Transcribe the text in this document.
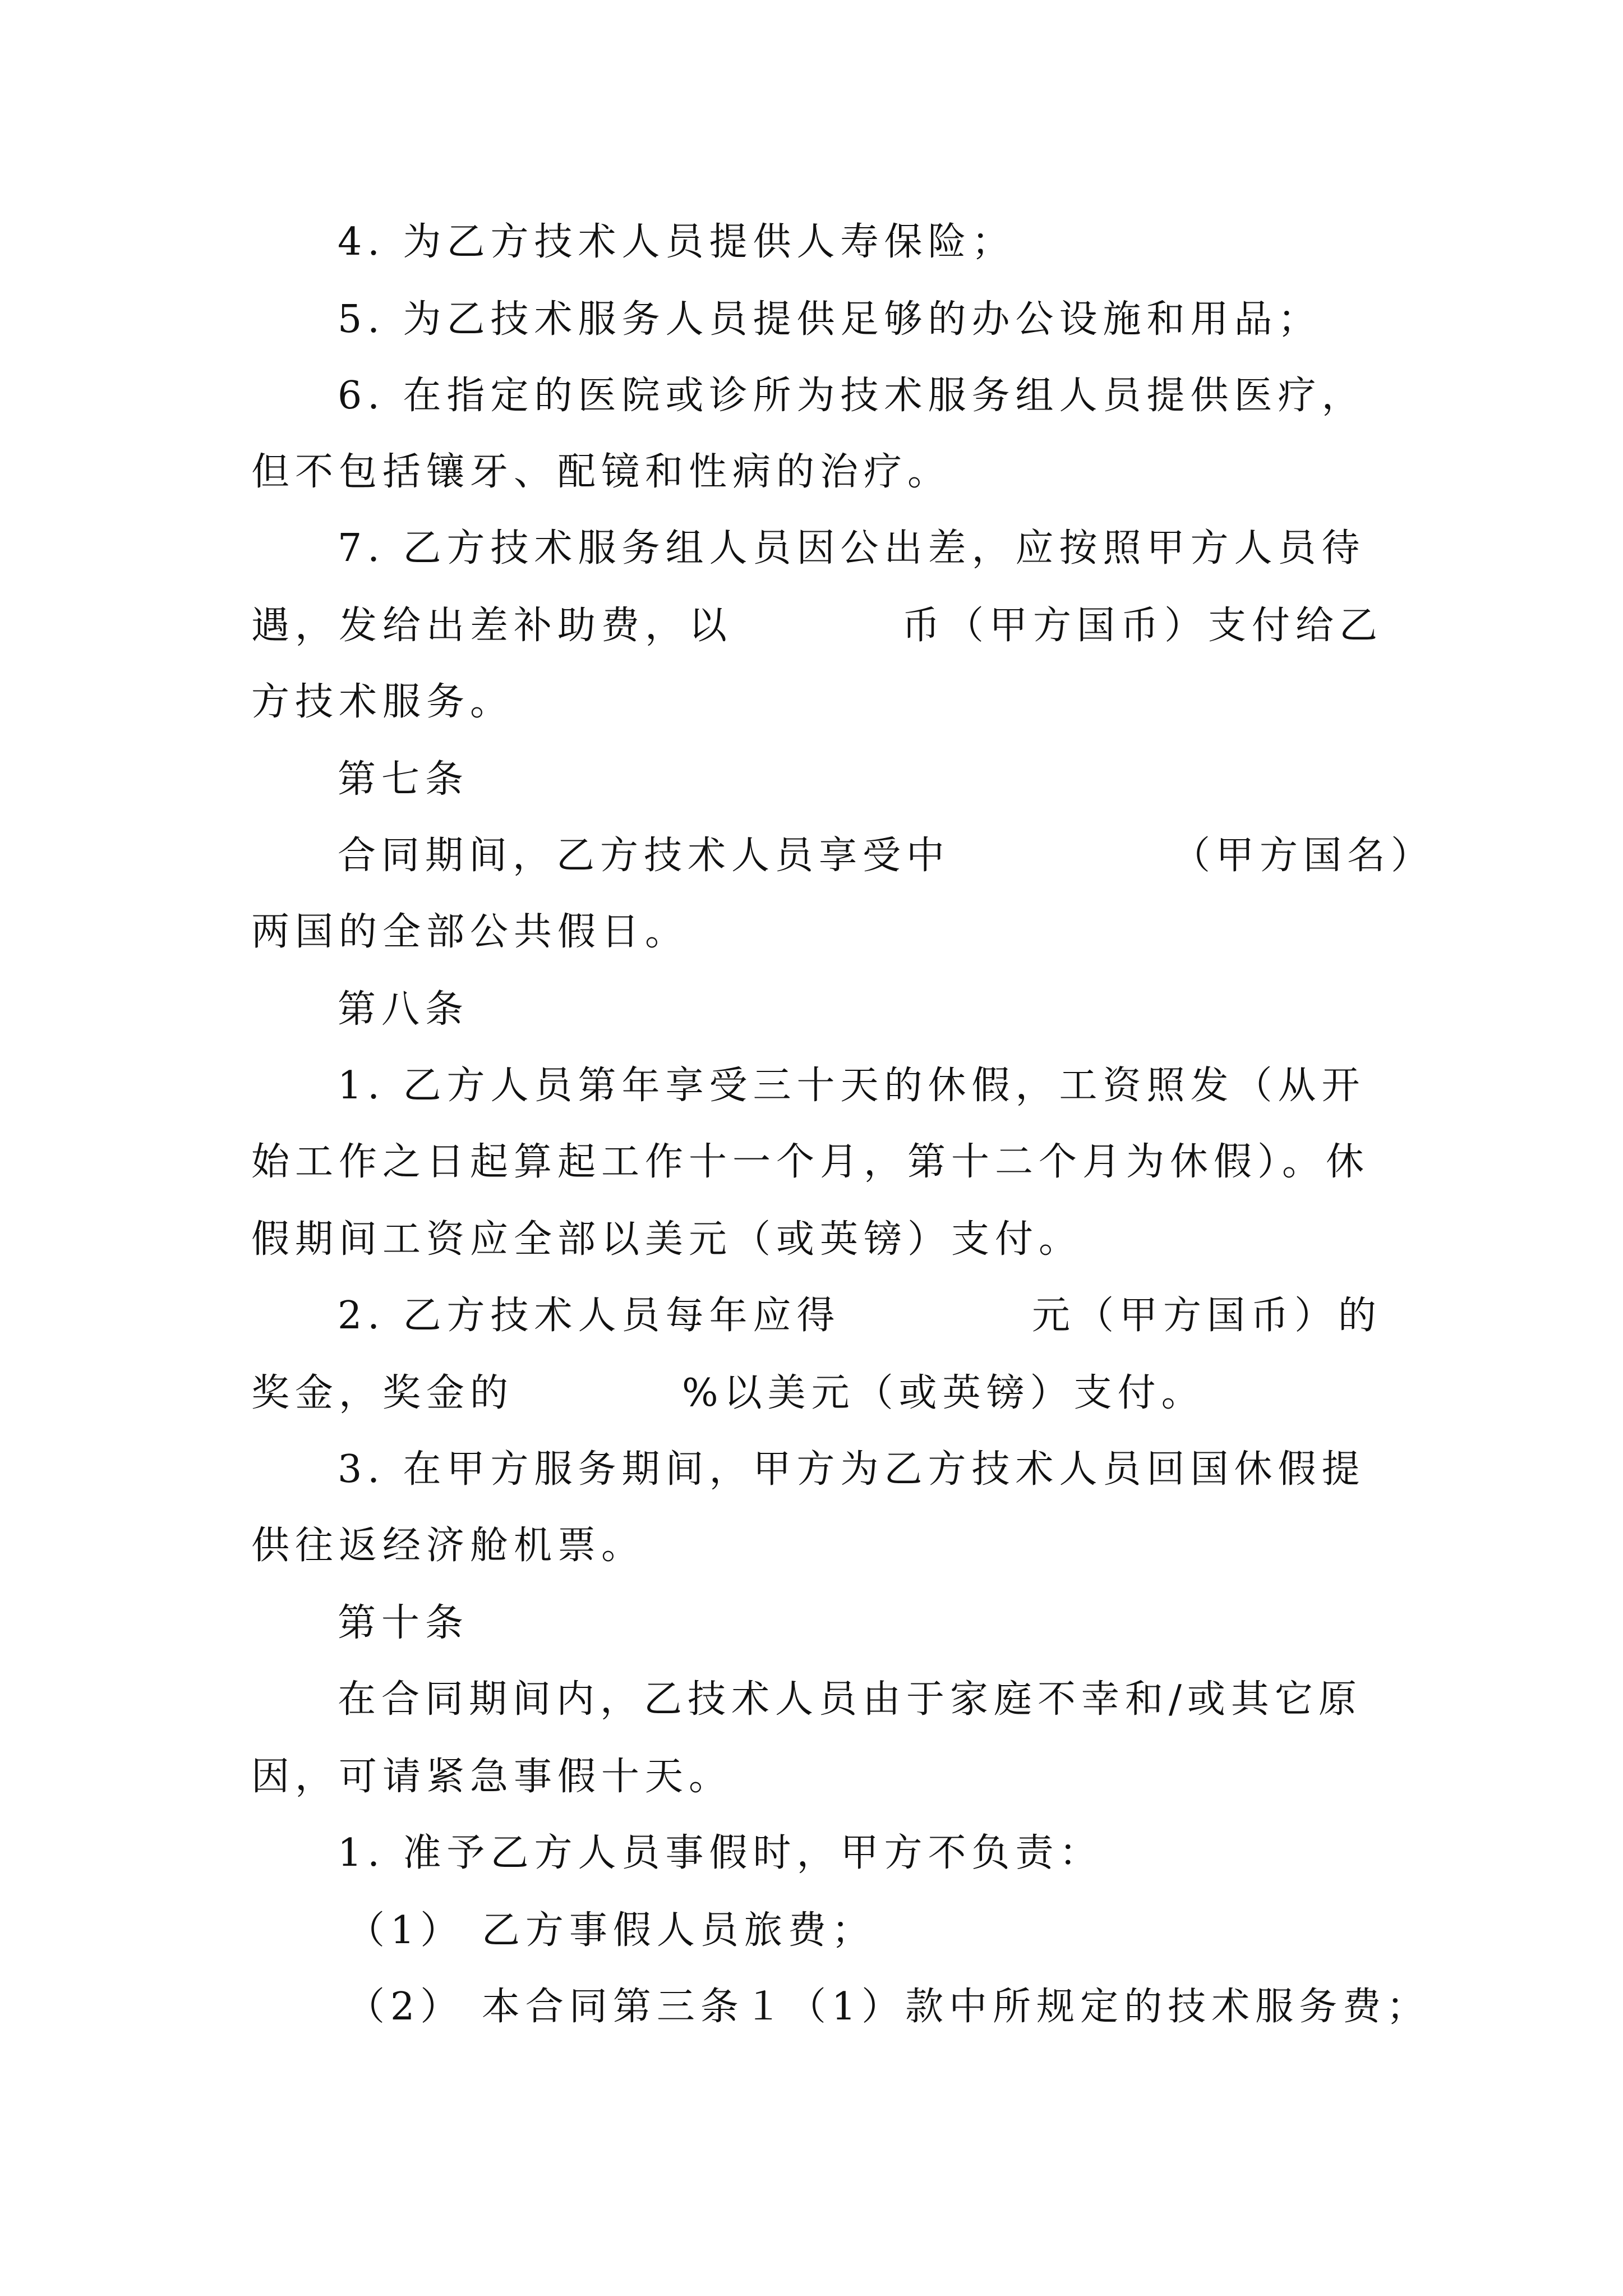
4. 为乙方技术人员提供人寿保险；
5. 为乙技术服务人员提供足够的办公设施和用品；
6. 在指定的医院或诊所为技术服务组人员提供医疗，
但不包括镶牙、配镜和性病的治疗。
7. 乙方技术服务组人员因公出差，应按照甲方人员待
遇，发给出差补助费，以	币（甲方国币）支付给乙
方技术服务。
第七条
合同期间，乙方技术人员享受中	（甲方国名）
两国的全部公共假日。
第八条
1. 乙方人员第年享受三十天的休假，工资照发（从开
始工作之日起算起工作十一个月，第十二个月为休假）。休
假期间工资应全部以美元（或英镑）支付。
2. 乙方技术人员每年应得	元（甲方国币）的
奖金，奖金的	%以美元（或英镑）支付。
3. 在甲方服务期间，甲方为乙方技术人员回国休假提
供往返经济舱机票。
第十条
在合同期间内，乙技术人员由于家庭不幸和/或其它原
因，可请紧急事假十天。
1. 准予乙方人员事假时，甲方不负责：
（1） 乙方事假人员旅费；
（2） 本合同第三条１（1）款中所规定的技术服务费；
